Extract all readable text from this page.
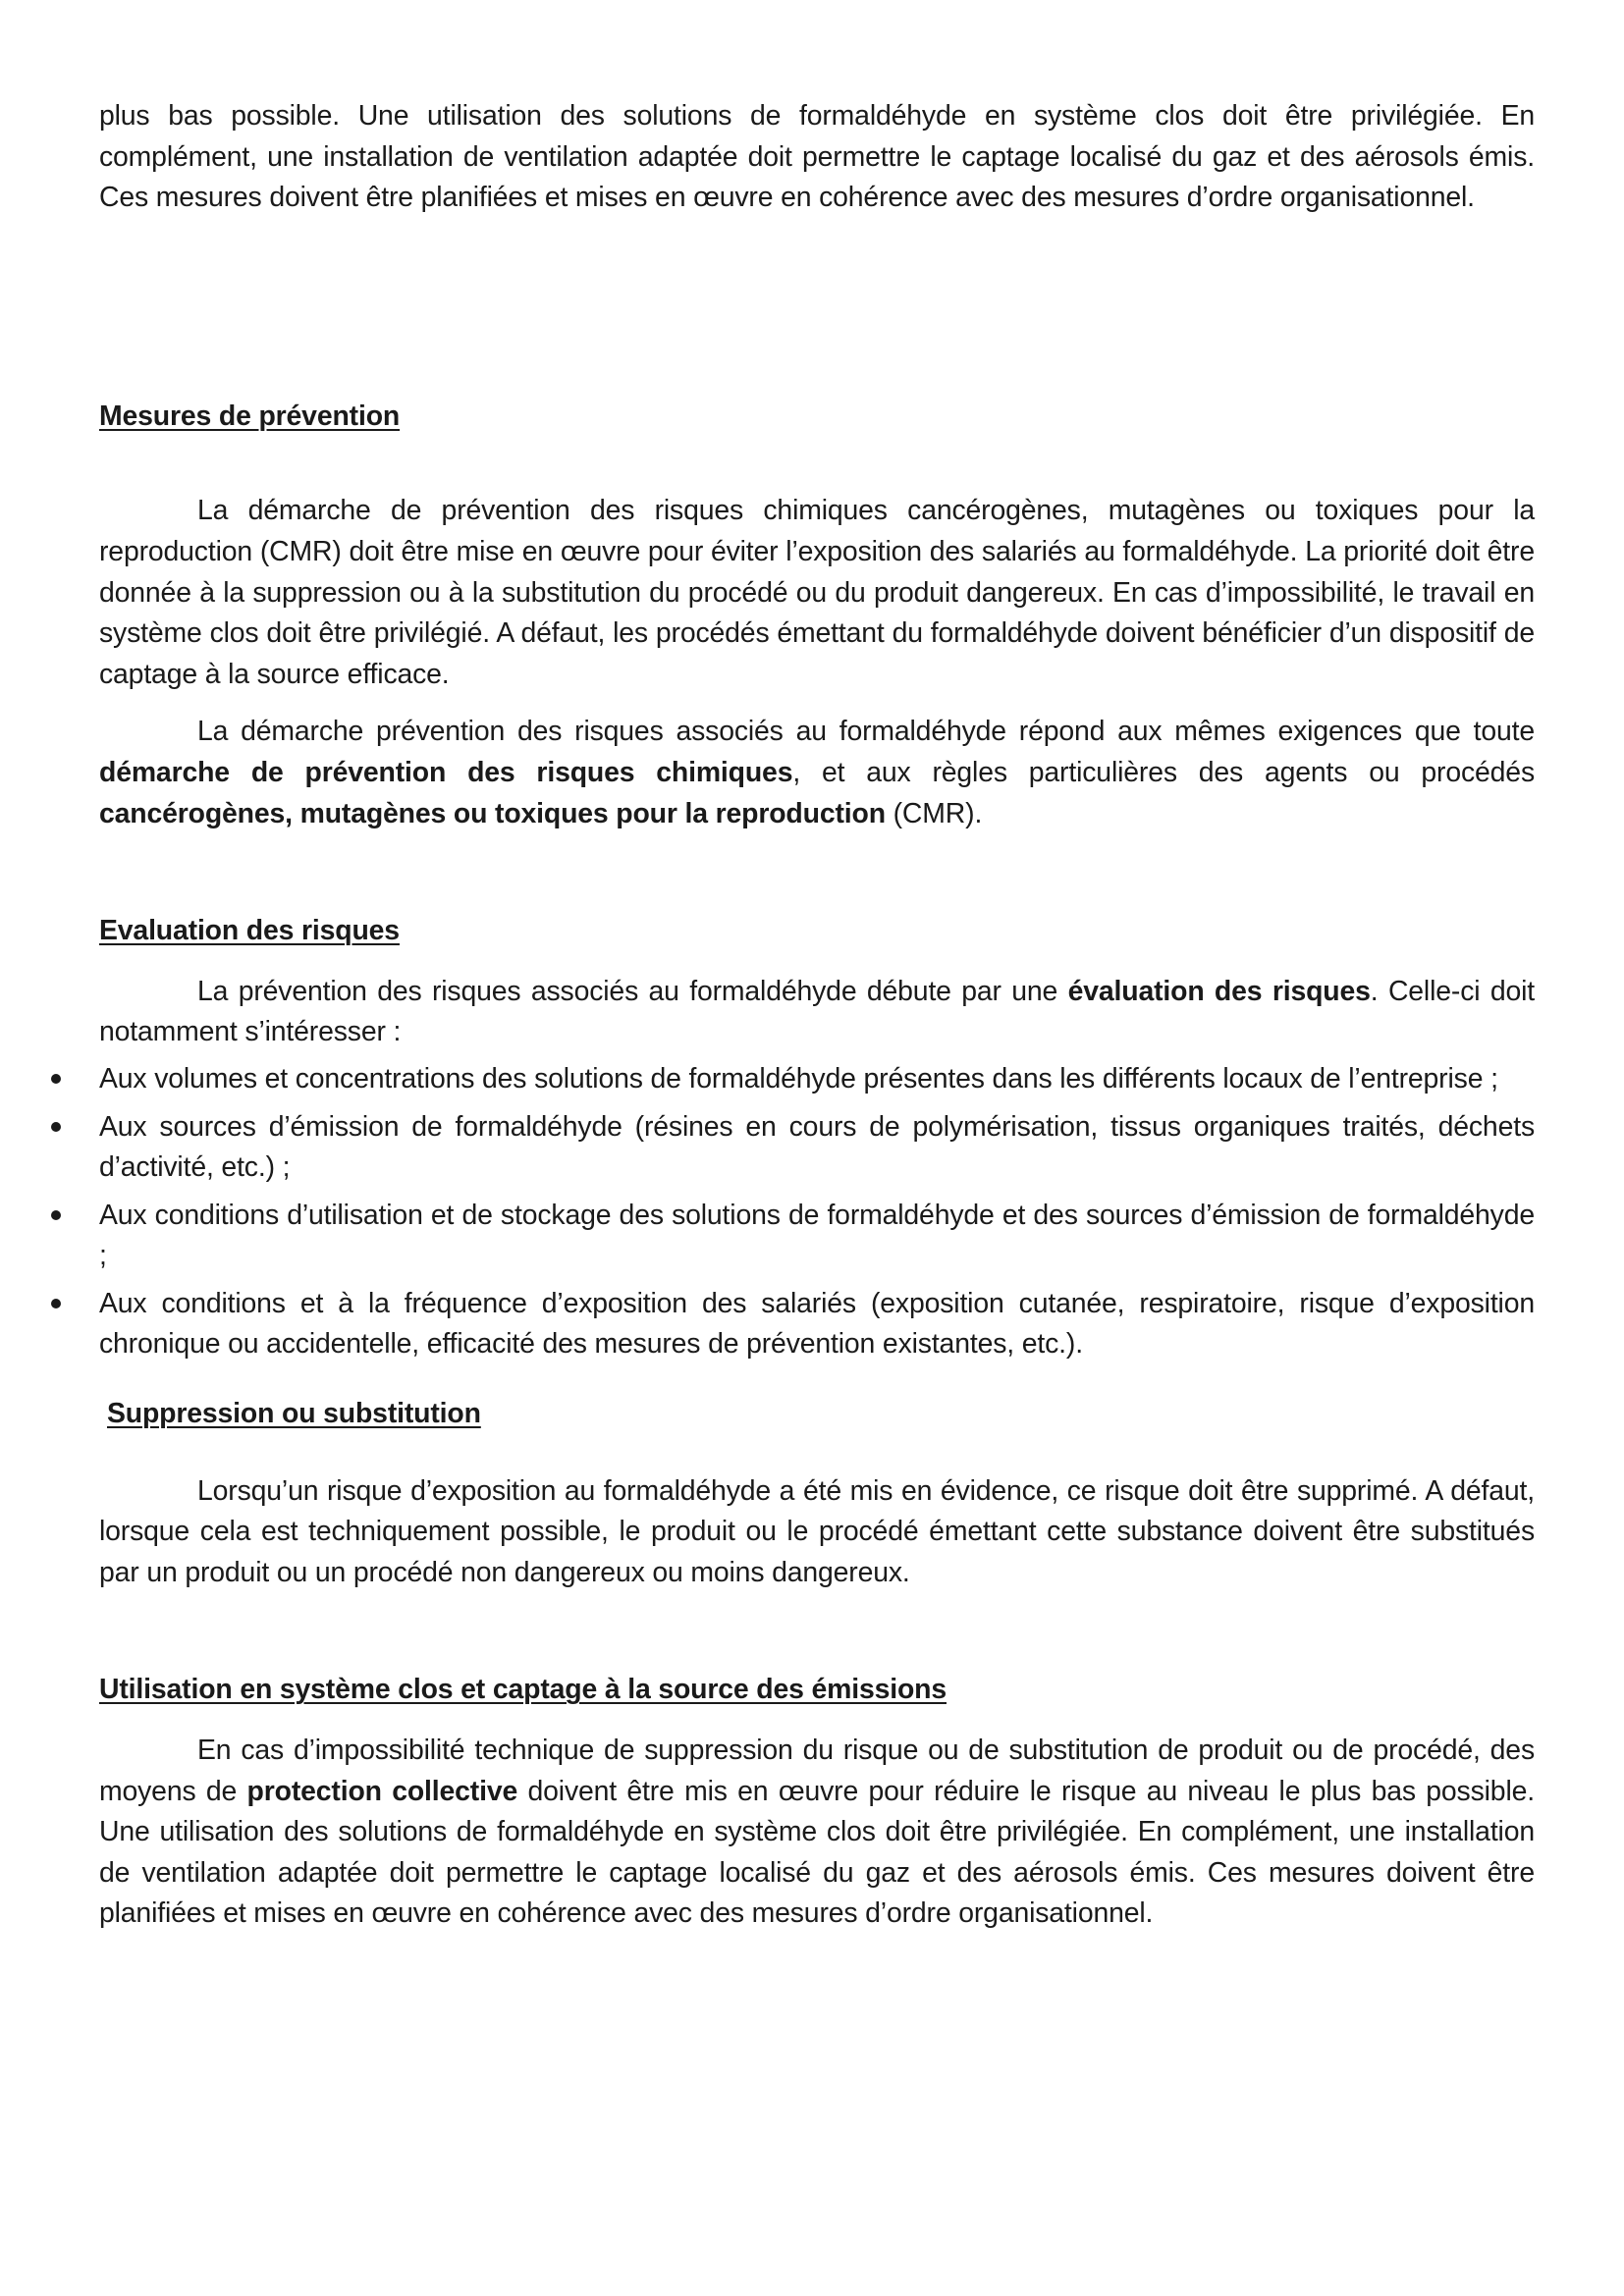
plus bas possible. Une utilisation des solutions de formaldéhyde en système clos doit être privilégiée. En complément, une installation de ventilation adaptée doit permettre le captage localisé du gaz et des aérosols émis. Ces mesures doivent être planifiées et mises en œuvre en cohérence avec des mesures d’ordre organisationnel.

Mesures de prévention

La démarche de prévention des risques chimiques cancérogènes, mutagènes ou toxiques pour la reproduction (CMR) doit être mise en œuvre pour éviter l’exposition des salariés au formaldéhyde. La priorité doit être donnée à la suppression ou à la substitution du procédé ou du produit dangereux. En cas d’impossibilité, le travail en système clos doit être privilégié. A défaut, les procédés émettant du formaldéhyde doivent bénéficier d’un dispositif de captage à la source efficace.

La démarche prévention des risques associés au formaldéhyde répond aux mêmes exigences que toute démarche de prévention des risques chimiques, et aux règles particulières des agents ou procédés cancérogènes, mutagènes ou toxiques pour la reproduction (CMR).

Evaluation des risques

La prévention des risques associés au formaldéhyde débute par une évaluation des risques. Celle-ci doit notamment s’intéresser :

Aux volumes et concentrations des solutions de formaldéhyde présentes dans les différents locaux de l’entreprise ;
Aux sources d’émission de formaldéhyde (résines en cours de polymérisation, tissus organiques traités, déchets d’activité, etc.) ;
Aux conditions d’utilisation et de stockage des solutions de formaldéhyde et des sources d’émission de formaldéhyde ;
Aux conditions et à la fréquence d’exposition des salariés (exposition cutanée, respiratoire, risque d’exposition chronique ou accidentelle, efficacité des mesures de prévention existantes, etc.).
Suppression ou substitution

Lorsqu’un risque d’exposition au formaldéhyde a été mis en évidence, ce risque doit être supprimé. A défaut, lorsque cela est techniquement possible, le produit ou le procédé émettant cette substance doivent être substitués par un produit ou un procédé non dangereux ou moins dangereux.

Utilisation en système clos et captage à la source des émissions

En cas d’impossibilité technique de suppression du risque ou de substitution de produit ou de procédé, des moyens de protection collective doivent être mis en œuvre pour réduire le risque au niveau le plus bas possible. Une utilisation des solutions de formaldéhyde en système clos doit être privilégiée. En complément, une installation de ventilation adaptée doit permettre le captage localisé du gaz et des aérosols émis. Ces mesures doivent être planifiées et mises en œuvre en cohérence avec des mesures d’ordre organisationnel.
